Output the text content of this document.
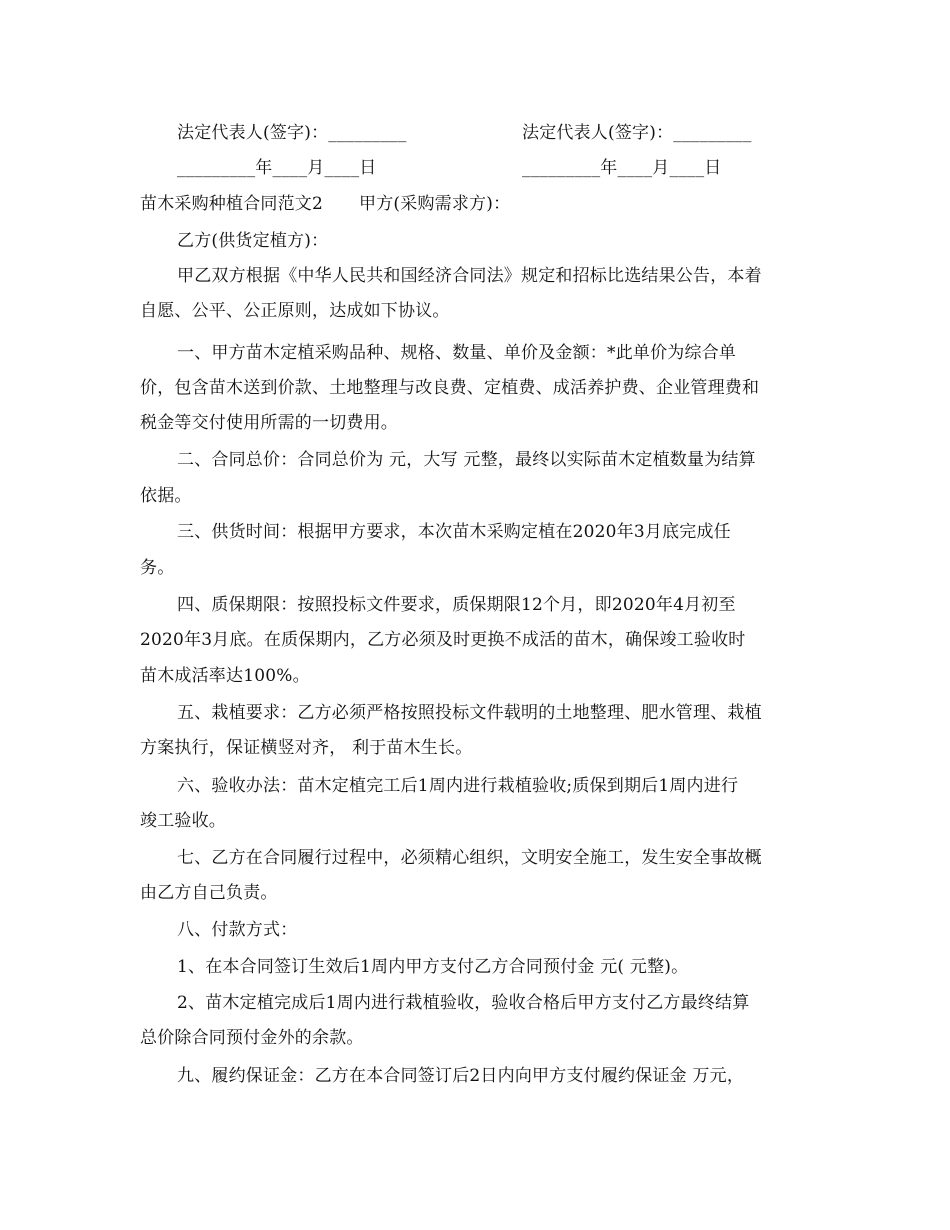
法定代表人(签字)：_________	法定代表人(签字)：_________
_________年____月____日	_________年____月____日
苗木采购种植合同范文2 甲方(采购需求方)：
乙方(供货定植方)：
甲乙双方根据《中华人民共和国经济合同法》规定和招标比选结果公告，本着
自愿、公平、公正原则，达成如下协议。
一、甲方苗木定植采购品种、规格、数量、单价及金额：*此单价为综合单
价，包含苗木送到价款、土地整理与改良费、定植费、成活养护费、企业管理费和
税金等交付使用所需的一切费用。
二、合同总价：合同总价为 元，大写 元整，最终以实际苗木定植数量为结算
依据。
三、供货时间：根据甲方要求，本次苗木采购定植在2020年3月底完成任
务。
四、质保期限：按照投标文件要求，质保期限12个月，即2020年4月初至
2020年3月底。在质保期内，乙方必须及时更换不成活的苗木，确保竣工验收时
苗木成活率达100%。
五、栽植要求：乙方必须严格按照投标文件载明的土地整理、肥水管理、栽植
方案执行，保证横竖对齐， 利于苗木生长。
六、验收办法：苗木定植完工后1周内进行栽植验收;质保到期后1周内进行
竣工验收。
七、乙方在合同履行过程中，必须精心组织，文明安全施工，发生安全事故概
由乙方自己负责。
八、付款方式：
1、在本合同签订生效后1周内甲方支付乙方合同预付金 元( 元整)。
2、苗木定植完成后1周内进行栽植验收，验收合格后甲方支付乙方最终结算
总价除合同预付金外的余款。
九、履约保证金：乙方在本合同签订后2日内向甲方支付履约保证金 万元，
